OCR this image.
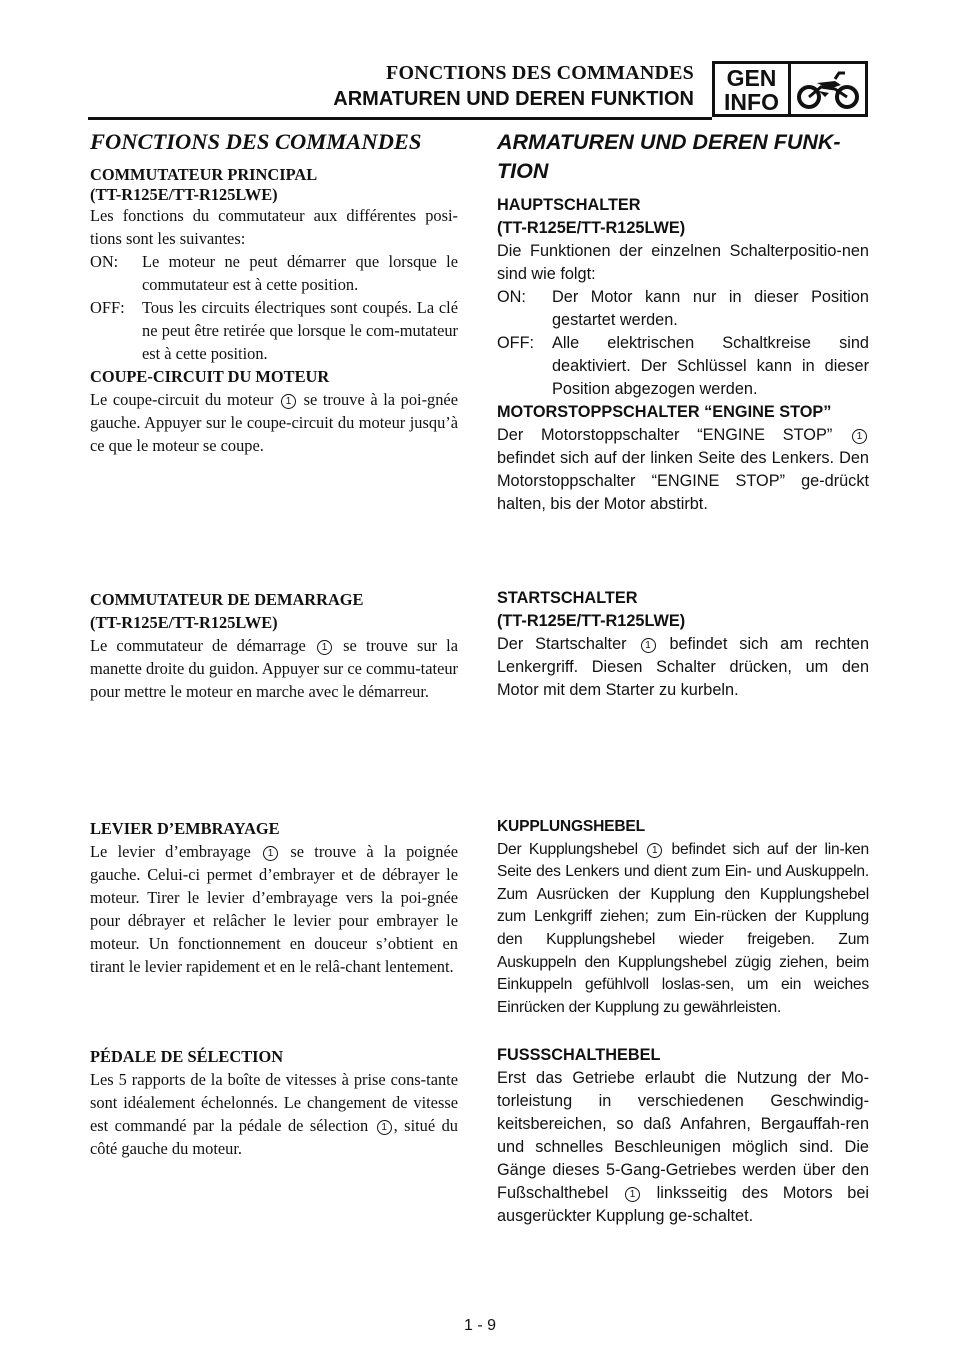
FONCTIONS DES COMMANDES
ARMATUREN UND DEREN FUNKTION
GEN
INFO
FONCTIONS DES COMMANDES
COMMUTATEUR PRINCIPAL
(TT-R125E/TT-R125LWE)

Les fonctions du commutateur aux différentes posi-tions sont les suivantes:

ON:	Le moteur ne peut démarrer que lorsque le commutateur est à cette position.
OFF:	Tous les circuits électriques sont coupés. La clé ne peut être retirée que lorsque le com-mutateur est à cette position.
COUPE-CIRCUIT DU MOTEUR

Le coupe-circuit du moteur 1 se trouve à la poi-gnée gauche. Appuyer sur le coupe-circuit du moteur jusqu’à ce que le moteur se coupe.

COMMUTATEUR DE DEMARRAGE
(TT-R125E/TT-R125LWE)

Le commutateur de démarrage 1 se trouve sur la manette droite du guidon. Appuyer sur ce commu-tateur pour mettre le moteur en marche avec le démarreur.

LEVIER D’EMBRAYAGE

Le levier d’embrayage 1 se trouve à la poignée gauche. Celui-ci permet d’embrayer et de débrayer le moteur. Tirer le levier d’embrayage vers la poi-gnée pour débrayer et relâcher le levier pour embrayer le moteur. Un fonctionnement en douceur s’obtient en tirant le levier rapidement et en le relâ-chant lentement.

PÉDALE DE SÉLECTION

Les 5 rapports de la boîte de vitesses à prise cons-tante sont idéalement échelonnés. Le changement de vitesse est commandé par la pédale de sélection 1 , situé du côté gauche du moteur.

ARMATUREN UND DEREN FUNK-TION
HAUPTSCHALTER
(TT-R125E/TT-R125LWE)

Die Funktionen der einzelnen Schalterpositio-nen sind wie folgt:

ON:	Der Motor kann nur in dieser Position gestartet werden.
OFF:	Alle elektrischen Schaltkreise sind deaktiviert. Der Schlüssel kann in dieser Position abgezogen werden.
MOTORSTOPPSCHALTER “ENGINE STOP”

Der Motorstoppschalter “ENGINE STOP” 1 befindet sich auf der linken Seite des Lenkers. Den Motorstoppschalter “ENGINE STOP” ge-drückt halten, bis der Motor abstirbt.

STARTSCHALTER
(TT-R125E/TT-R125LWE)

Der Startschalter 1 befindet sich am rechten Lenkergriff. Diesen Schalter drücken, um den Motor mit dem Starter zu kurbeln.

KUPPLUNGSHEBEL

Der Kupplungshebel 1 befindet sich auf der lin-ken Seite des Lenkers und dient zum Ein- und Auskuppeln. Zum Ausrücken der Kupplung den Kupplungshebel zum Lenkgriff ziehen; zum Ein-rücken der Kupplung den Kupplungshebel wieder freigeben. Zum Auskuppeln den Kupplungshebel zügig ziehen, beim Einkuppeln gefühlvoll loslas-sen, um ein weiches Einrücken der Kupplung zu gewährleisten.

FUSSSCHALTHEBEL

Erst das Getriebe erlaubt die Nutzung der Mo-torleistung in verschiedenen Geschwindig-keitsbereichen, so daß Anfahren, Bergauffah-ren und schnelles Beschleunigen möglich sind. Die Gänge dieses 5-Gang-Getriebes werden über den Fußschalthebel 1 linksseitig des Motors bei ausgerückter Kupplung ge-schaltet.

1 - 9
